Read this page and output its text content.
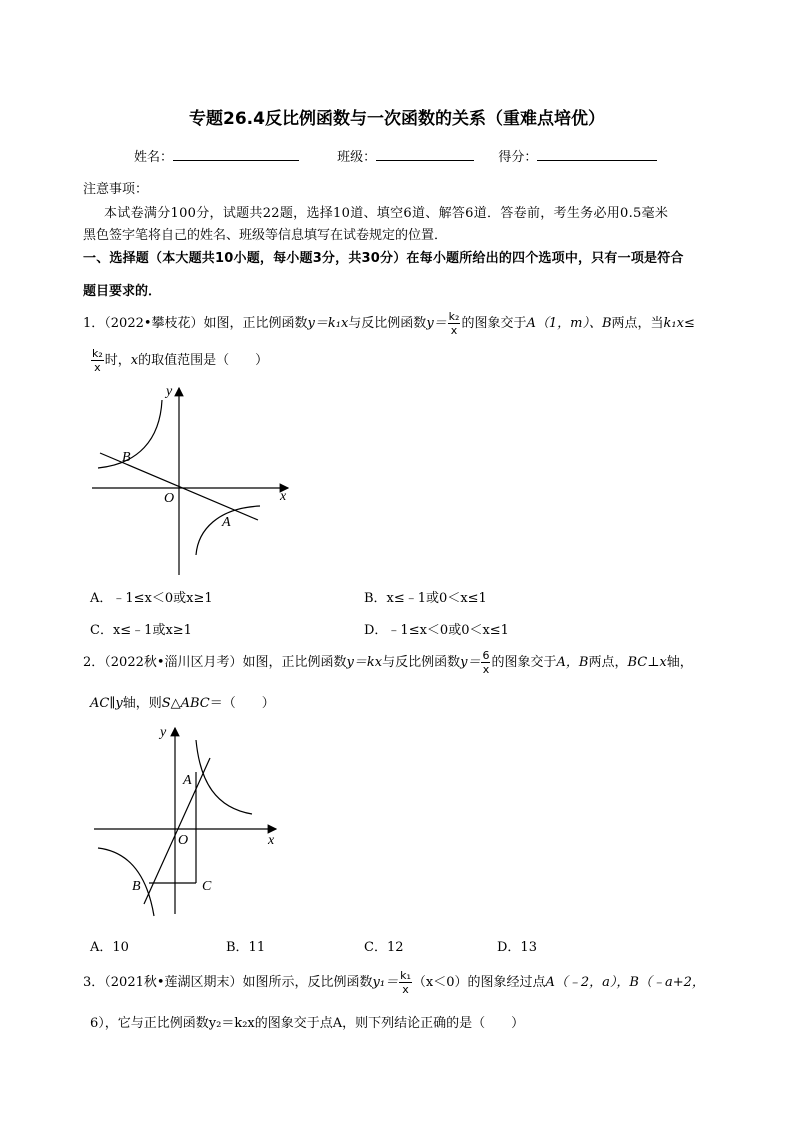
专题26.4反比例函数与一次函数的关系（重难点培优）
姓名：	班级：	得分：
注意事项：
本试卷满分100分，试题共22题，选择10道、填空6道、解答6道．答卷前，考生务必用0.5毫米
黑色签字笔将自己的姓名、班级等信息填写在试卷规定的位置．
一、选择题（本大题共10小题，每小题3分，共30分）在每小题所给出的四个选项中，只有一项是符合
题目要求的．
1．（2022•攀枝花）如图，正比例函数y＝k₁x与反比例函数$y= \frac{\text{k₂}}{x}$ 的图象交于A（1，m）、B两点，当k₁x≤
$\frac{\text{k₂}}{x}$ 时，x的取值范围是（　　）
y
x
O
A
B
A．﹣1≤x＜0或x≥1	B．x≤﹣1或0＜x≤1
C．x≤﹣1或x≥1	D．﹣1≤x＜0或0＜x≤1
2．（2022秋•淄川区月考）如图，正比例函数y＝kx与反比例函数$y= \frac{6}{x}$ 的图象交于A，B两点，BC⊥x轴，
AC∥y轴，则S△ABC＝（　　）
y
x
O
A
B	C
A．10	B．11	C．12	D．13
3．（2021秋•莲湖区期末）如图所示，反比例函数$y_1= \frac{\text{k₁}}{x} (x<0)$的图象经过点A（﹣2，a），B（﹣a+2，
6），它与正比例函数y₂＝k₂x的图象交于点A，则下列结论正确的是（　　）
